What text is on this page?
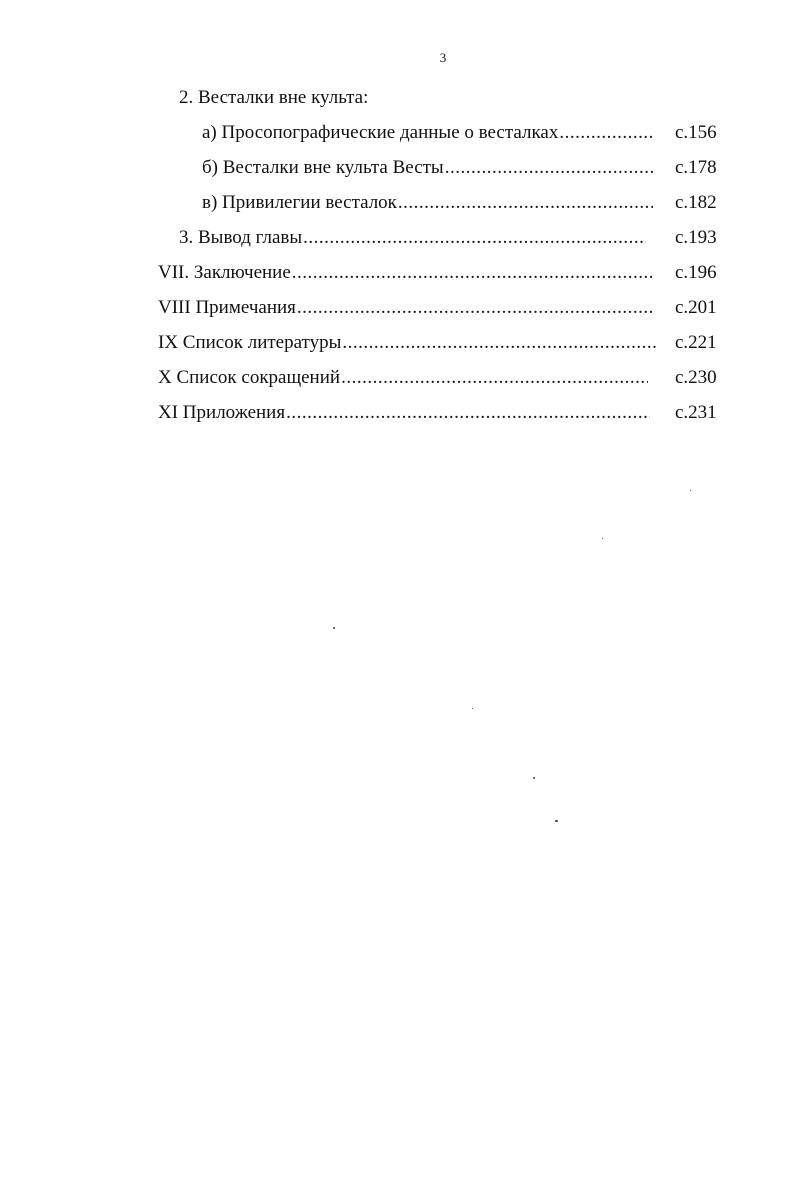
3
2. Весталки вне культа:
а) Просопографические данные о весталках .....	с.156
б) Весталки вне культа Весты .....	с.178
в) Привилегии весталок .....	с.182
3. Вывод главы .....	с.193
VII. Заключение .....	с.196
VIII Примечания .....	с.201
IX Список литературы .....	с.221
X Список сокращений .....	с.230
XI Приложения .....	с.231
